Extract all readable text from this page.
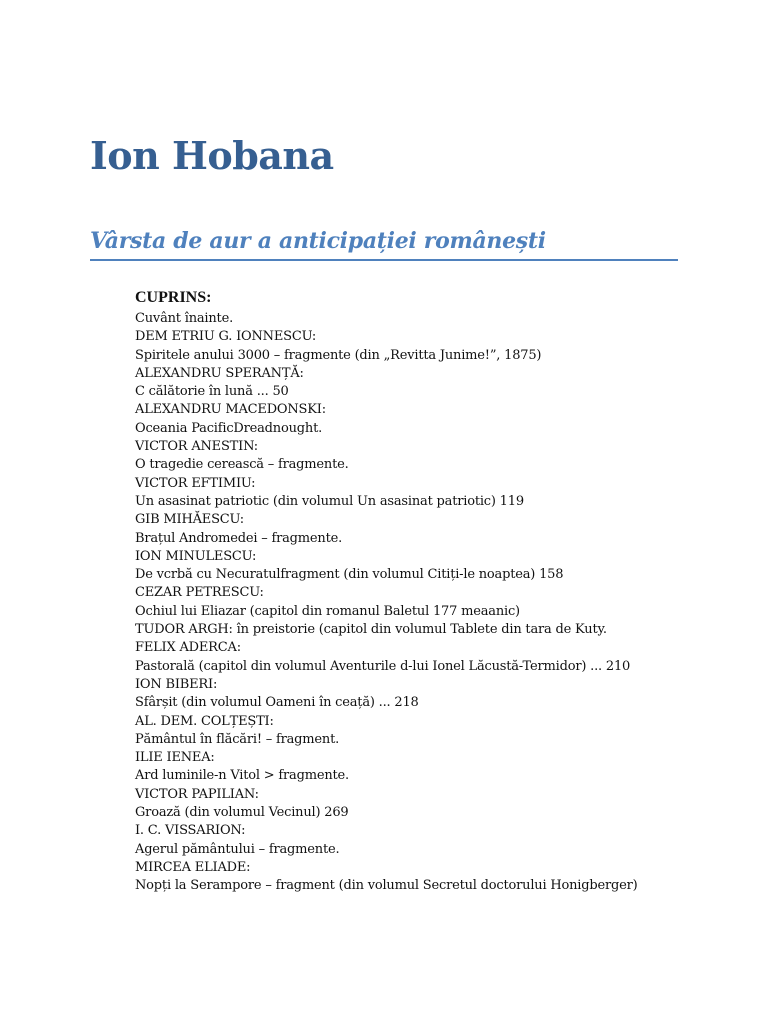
Ion Hobana
Vârsta de aur a anticipației românești
CUPRINS:
Cuvânt înainte.
DEM ETRIU G. IONNESCU:
Spiritele anului 3000 – fragmente (din „Revitta Junime!”, 1875)
ALEXANDRU SPERANȚĂ:
C călătorie în lună ... 50
ALEXANDRU MACEDONSKI:
Oceania PacificDreadnought.
VICTOR ANESTIN:
O tragedie cerească – fragmente.
VICTOR EFTIMIU:
Un asasinat patriotic (din volumul Un asasinat patriotic) 119
GIB MIHĂESCU:
Brațul Andromedei – fragmente.
ION MINULESCU:
De vcrbă cu Necuratulfragment (din volumul Citiți-le noaptea) 158
CEZAR PETRESCU:
Ochiul lui Eliazar (capitol din romanul Baletul 177 meaanic)
TUDOR ARGH: în preistorie (capitol din volumul Tablete din tara de Kuty.
FELIX ADERCA:
Pastorală (capitol din volumul Aventurile d-lui Ionel Lăcustă-Termidor) ... 210
ION BIBERI:
Sfârșit (din volumul Oameni în ceață) ... 218
AL. DEM. COLȚEȘTI:
Pământul în flăcări! – fragment.
ILIE IENEA:
Ard luminile-n Vitol > fragmente.
VICTOR PAPILIAN:
Groază (din volumul Vecinul) 269
I. C. VISSARION:
Agerul pământului – fragmente.
MIRCEA ELIADE:
Nopți la Serampore – fragment (din volumul Secretul doctorului Honigberger)
